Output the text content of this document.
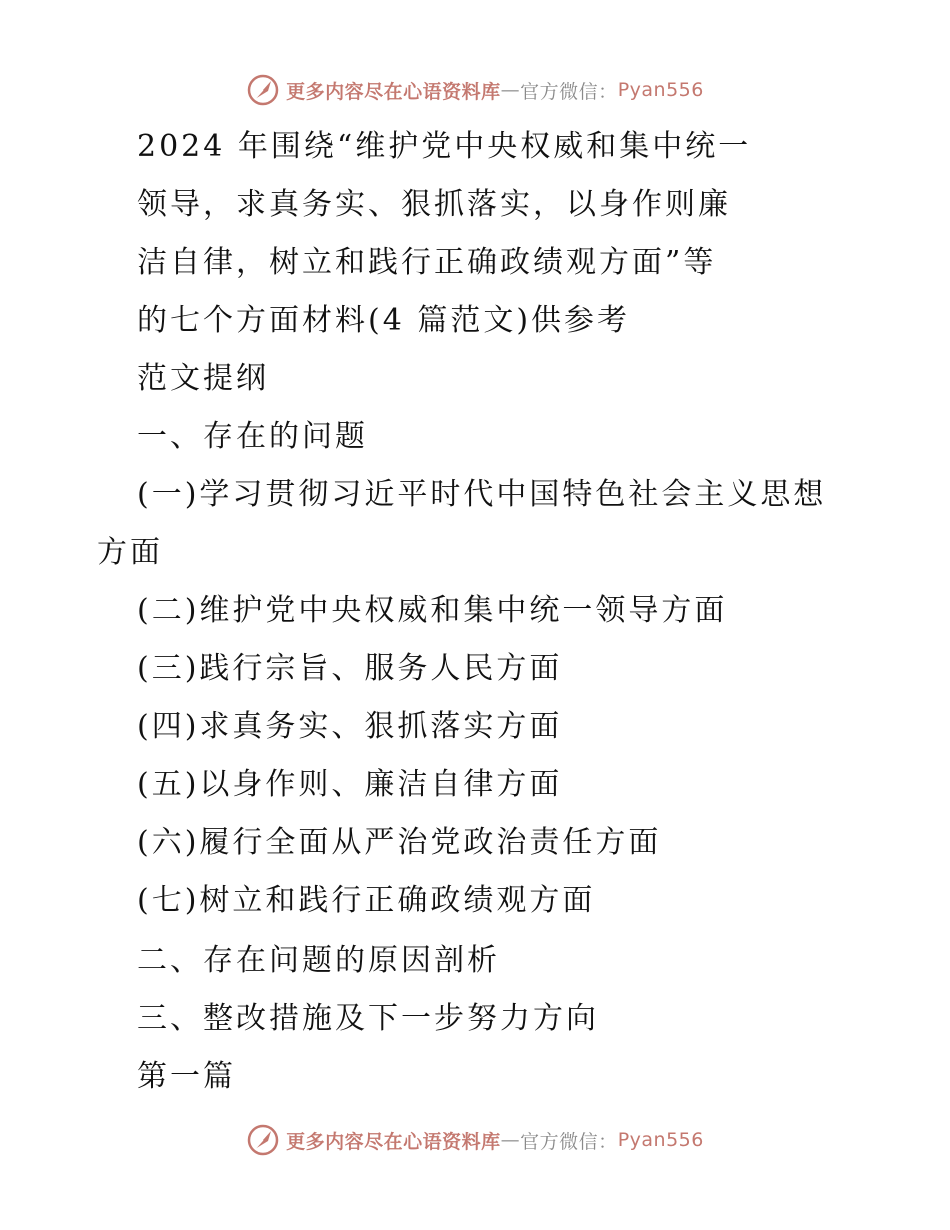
更多内容尽在心语资料库 — 官方微信： Pyan556
2024 年围绕“维护党中央权威和集中统一
领导，求真务实、狠抓落实，以身作则廉
洁自律，树立和践行正确政绩观方面”等
的七个方面材料(4 篇范文)供参考
范文提纲
一、存在的问题
(一)学习贯彻习近平时代中国特色社会主义思想
方面
(二)维护党中央权威和集中统一领导方面
(三)践行宗旨、服务人民方面
(四)求真务实、狠抓落实方面
(五)以身作则、廉洁自律方面
(六)履行全面从严治党政治责任方面
(七)树立和践行正确政绩观方面
二、存在问题的原因剖析
三、整改措施及下一步努力方向
第一篇
更多内容尽在心语资料库 — 官方微信： Pyan556
